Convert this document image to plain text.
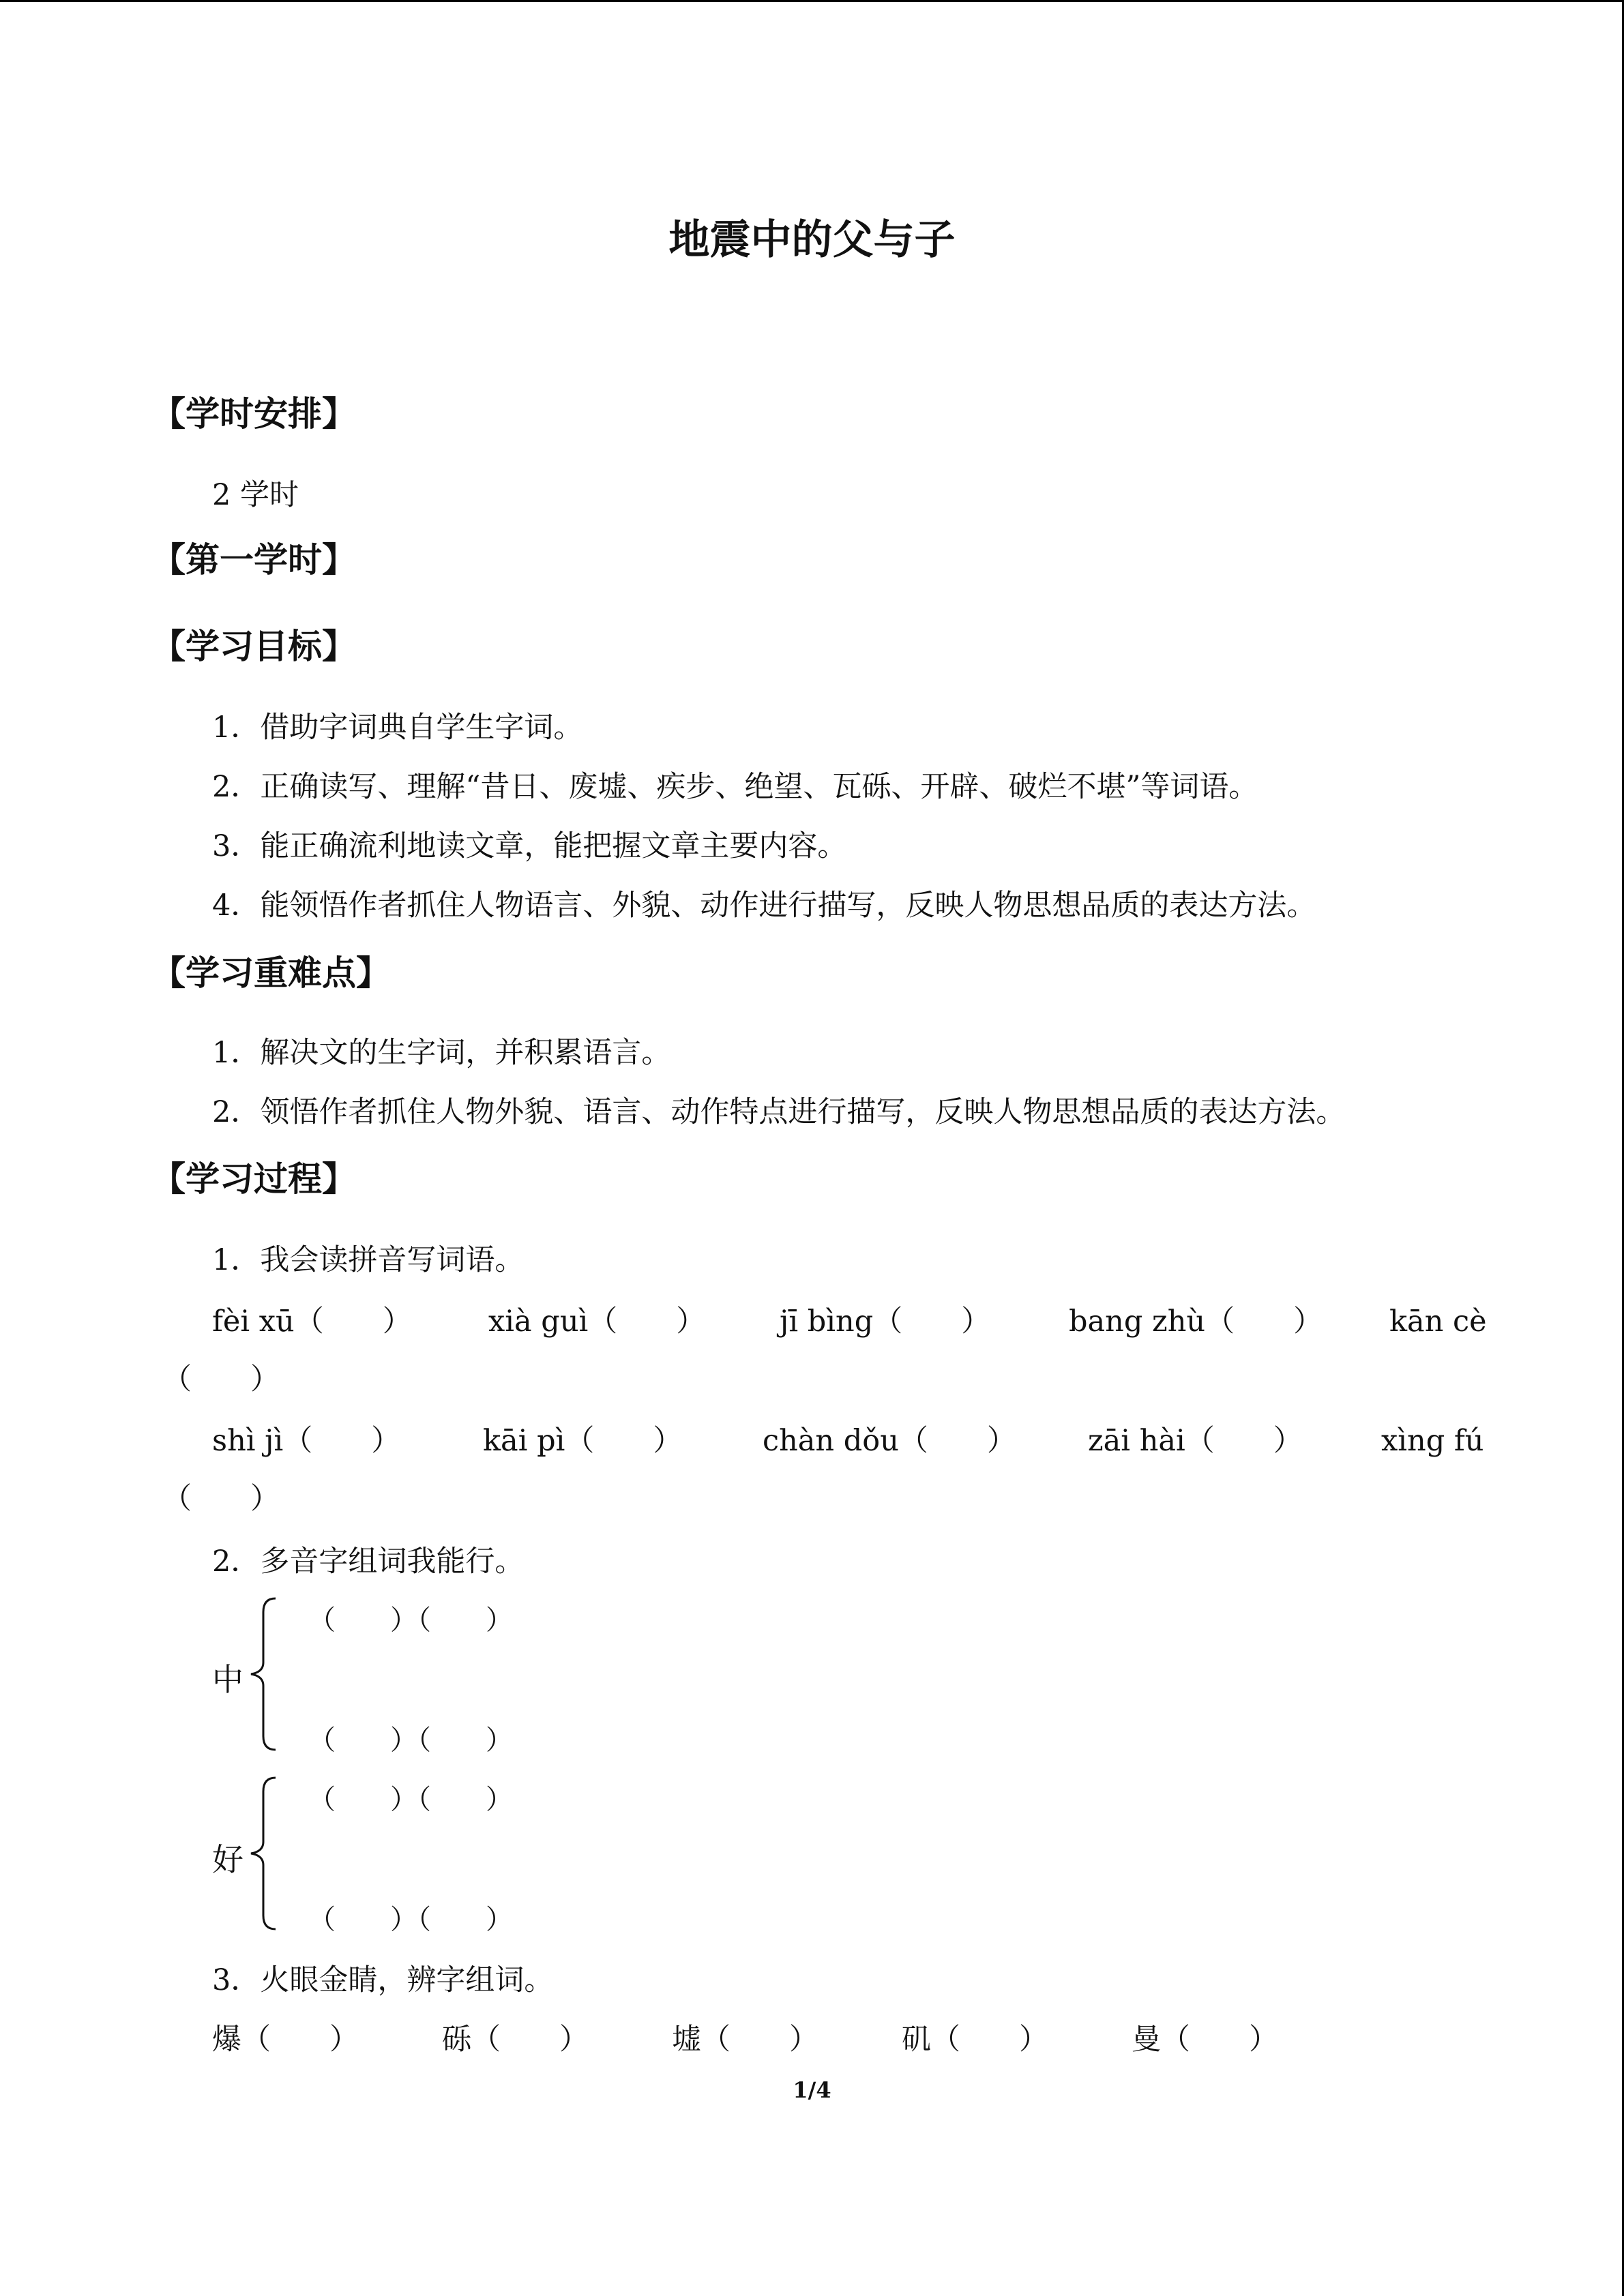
地震中的父与子
【学时安排】
2 学时
【第一学时】
【学习目标】
1．借助字词典自学生字词。
2．正确读写、理解“昔日、废墟、疾步、绝望、瓦砾、开辟、破烂不堪”等词语。
3．能正确流利地读文章，能把握文章主要内容。
4．能领悟作者抓住人物语言、外貌、动作进行描写，反映人物思想品质的表达方法。
【学习重难点】
1．解决文的生字词，并积累语言。
2．领悟作者抓住人物外貌、语言、动作特点进行描写，反映人物思想品质的表达方法。
【学习过程】
1．我会读拼音写词语。
fèi xū（　　）	xià guì（　　）	jī bìng（　　）	bang zhù（　　） kān cè
（　　）
shì jì（　　）	kāi pì（　　）	chàn dǒu（　　） zāi hài（　　）	xìng fú
（　　）
2．多音字组词我能行。
（　　）（　　）
中
（　　）（　　）
（　　）（　　）
好
（　　）（　　）
3．火眼金睛，辨字组词。
爆（　　）	砾（　　）	墟（　　）	矶（　　）	曼（　　）
1/4
